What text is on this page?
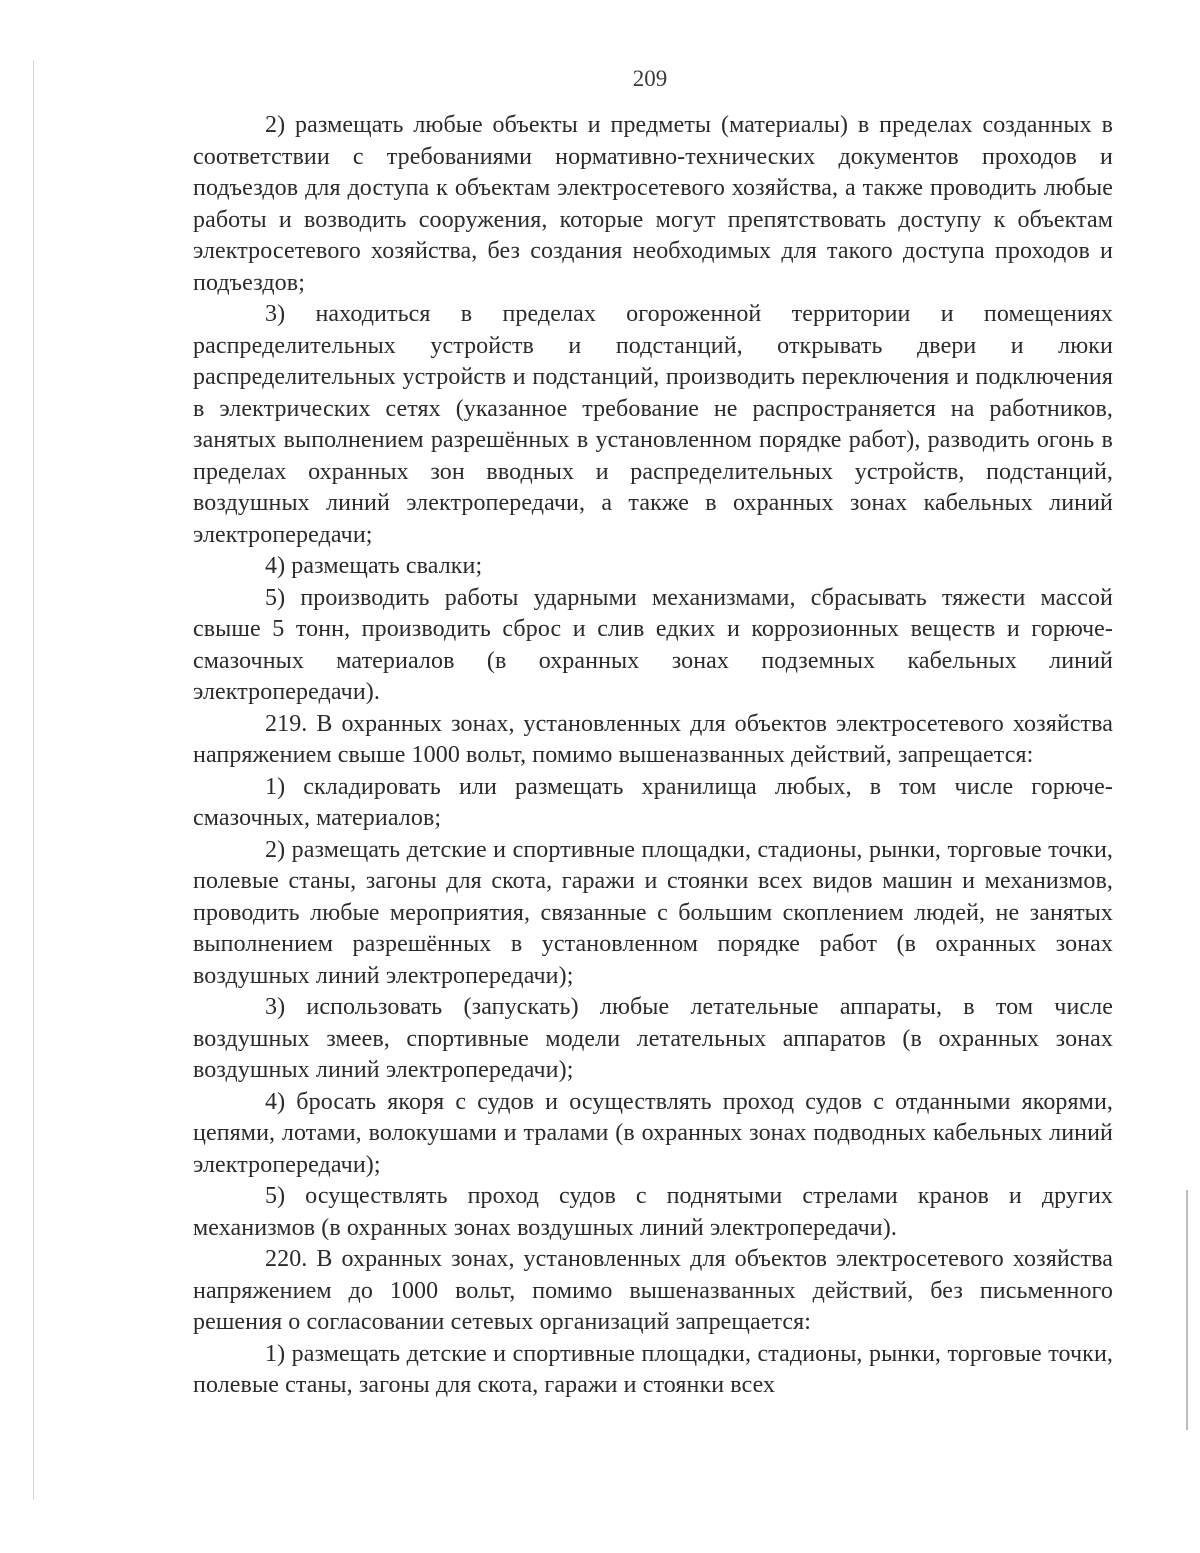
209

2) размещать любые объекты и предметы (материалы) в пределах созданных в соответствии с требованиями нормативно-технических документов проходов и подъездов для доступа к объектам электросетевого хозяйства, а также проводить любые работы и возводить сооружения, которые могут препятствовать доступу к объектам электросетевого хозяйства, без создания необходимых для такого доступа проходов и подъездов;

3) находиться в пределах огороженной территории и помещениях распределительных устройств и подстанций, открывать двери и люки распределительных устройств и подстанций, производить переключения и подключения в электрических сетях (указанное требование не распространяется на работников, занятых выполнением разрешённых в установленном порядке работ), разводить огонь в пределах охранных зон вводных и распределительных устройств, подстанций, воздушных линий электропередачи, а также в охранных зонах кабельных линий электропередачи;

4) размещать свалки;

5) производить работы ударными механизмами, сбрасывать тяжести массой свыше 5 тонн, производить сброс и слив едких и коррозионных веществ и горюче-смазочных материалов (в охранных зонах подземных кабельных линий электропередачи).

219. В охранных зонах, установленных для объектов электросетевого хозяйства напряжением свыше 1000 вольт, помимо вышеназванных действий, запрещается:

1) складировать или размещать хранилища любых, в том числе горюче-смазочных, материалов;

2) размещать детские и спортивные площадки, стадионы, рынки, торговые точки, полевые станы, загоны для скота, гаражи и стоянки всех видов машин и механизмов, проводить любые мероприятия, связанные с большим скоплением людей, не занятых выполнением разрешённых в установленном порядке работ (в охранных зонах воздушных линий электропередачи);

3) использовать (запускать) любые летательные аппараты, в том числе воздушных змеев, спортивные модели летательных аппаратов (в охранных зонах воздушных линий электропередачи);

4) бросать якоря с судов и осуществлять проход судов с отданными якорями, цепями, лотами, волокушами и тралами (в охранных зонах подводных кабельных линий электропередачи);

5) осуществлять проход судов с поднятыми стрелами кранов и других механизмов (в охранных зонах воздушных линий электропередачи).

220. В охранных зонах, установленных для объектов электросетевого хозяйства напряжением до 1000 вольт, помимо вышеназванных действий, без письменного решения о согласовании сетевых организаций запрещается:

1) размещать детские и спортивные площадки, стадионы, рынки, торговые точки, полевые станы, загоны для скота, гаражи и стоянки всех
